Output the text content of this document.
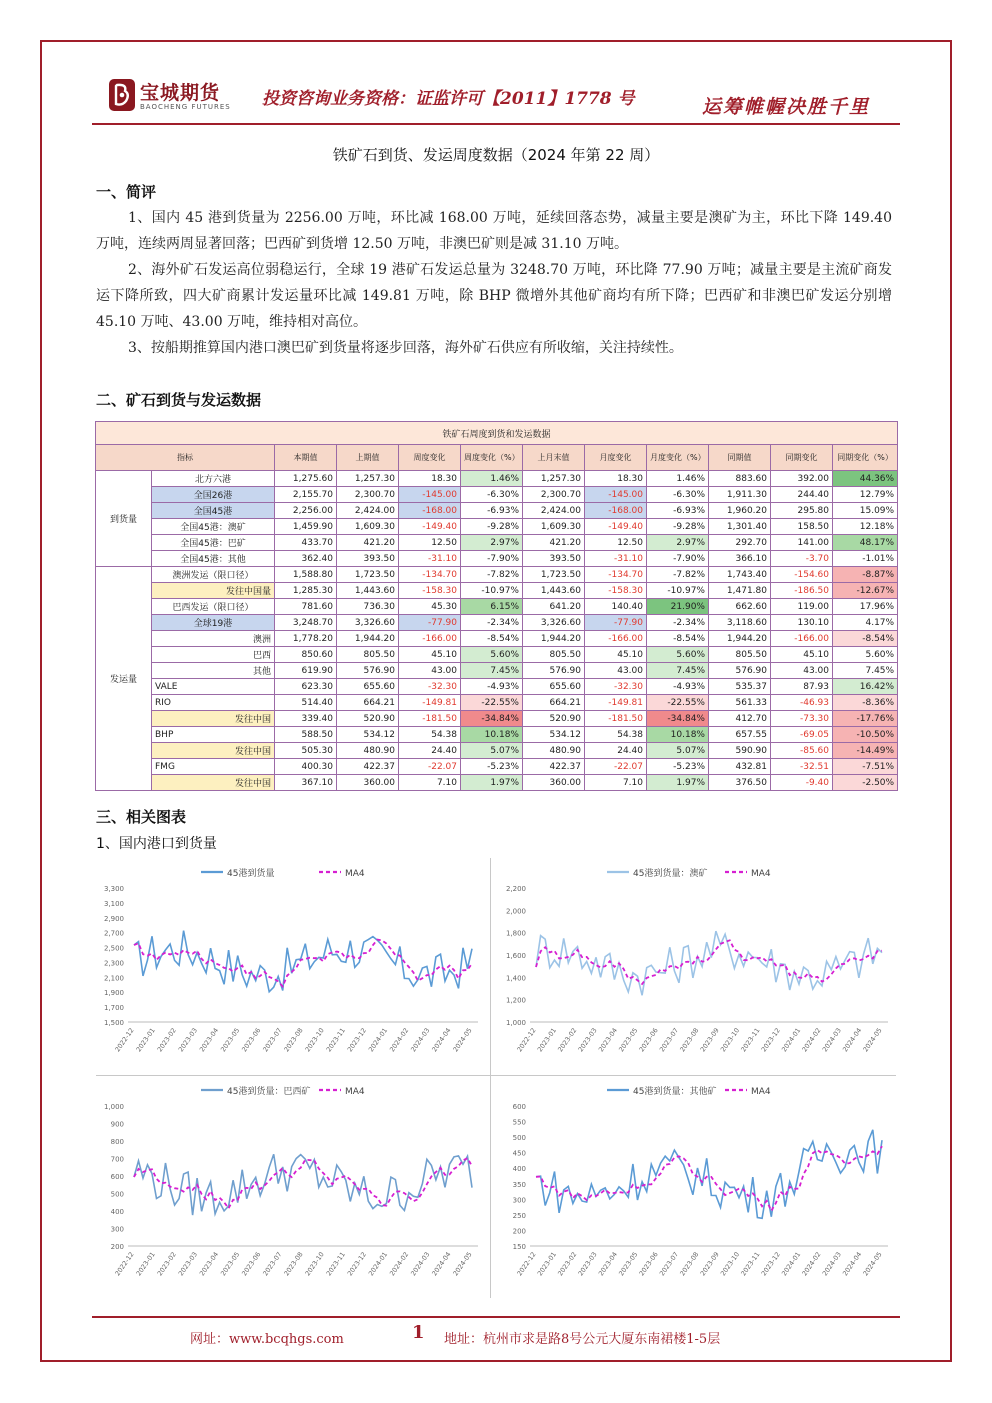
宝城期货
BAOCHENG FUTURES 投资咨询业务资格：证监许可【2011】1778 号	运筹帷幄决胜千里
铁矿石到货、发运周度数据（2024 年第 22 周）
一、简评
1、国内 45 港到货量为 2256.00 万吨，环比减 168.00 万吨，延续回落态势，减量主要是澳矿为主，环比下降 149.40 万吨，连续两周显著回落；巴西矿到货增 12.50 万吨，非澳巴矿则是减 31.10 万吨。
2、海外矿石发运高位弱稳运行，全球 19 港矿石发运总量为 3248.70 万吨，环比降 77.90 万吨；减量主要是主流矿商发运下降所致，四大矿商累计发运量环比减 149.81 万吨，除 BHP 微增外其他矿商均有所下降；巴西矿和非澳巴矿发运分别增 45.10 万吨、43.00 万吨，维持相对高位。
3、按船期推算国内港口澳巴矿到货量将逐步回落，海外矿石供应有所收缩，关注持续性。
二、矿石到货与发运数据
铁矿石周度到货和发运数据											
指标		本期值	上期值	周度变化	周度变化（%）	上月末值	月度变化	月度变化（%）	同期值	同期变化	同期变化（%）
到货量	北方六港	1,275.60	1,257.30	18.30	1.46%	1,257.30	18.30	1.46%	883.60	392.00	44.36%
	全国26港	2,155.70	2,300.70	-145.00	-6.30%	2,300.70	-145.00	-6.30%	1,911.30	244.40	12.79%
	全国45港	2,256.00	2,424.00	-168.00	-6.93%	2,424.00	-168.00	-6.93%	1,960.20	295.80	15.09%
	全国45港：澳矿	1,459.90	1,609.30	-149.40	-9.28%	1,609.30	-149.40	-9.28%	1,301.40	158.50	12.18%
	全国45港：巴矿	433.70	421.20	12.50	2.97%	421.20	12.50	2.97%	292.70	141.00	48.17%
	全国45港：其他	362.40	393.50	-31.10	-7.90%	393.50	-31.10	-7.90%	366.10	-3.70	-1.01%
发运量	澳洲发运（限口径）	1,588.80	1,723.50	-134.70	-7.82%	1,723.50	-134.70	-7.82%	1,743.40	-154.60	-8.87%
	发往中国量	1,285.30	1,443.60	-158.30	-10.97%	1,443.60	-158.30	-10.97%	1,471.80	-186.50	-12.67%
	巴西发运（限口径）	781.60	736.30	45.30	6.15%	641.20	140.40	21.90%	662.60	119.00	17.96%
	全球19港	3,248.70	3,326.60	-77.90	-2.34%	3,326.60	-77.90	-2.34%	3,118.60	130.10	4.17%
	澳洲	1,778.20	1,944.20	-166.00	-8.54%	1,944.20	-166.00	-8.54%	1,944.20	-166.00	-8.54%
	巴西	850.60	805.50	45.10	5.60%	805.50	45.10	5.60%	805.50	45.10	5.60%
	其他	619.90	576.90	43.00	7.45%	576.90	43.00	7.45%	576.90	43.00	7.45%
	VALE	623.30	655.60	-32.30	-4.93%	655.60	-32.30	-4.93%	535.37	87.93	16.42%
	RIO	514.40	664.21	-149.81	-22.55%	664.21	-149.81	-22.55%	561.33	-46.93	-8.36%
	发往中国	339.40	520.90	-181.50	-34.84%	520.90	-181.50	-34.84%	412.70	-73.30	-17.76%
	BHP	588.50	534.12	54.38	10.18%	534.12	54.38	10.18%	657.55	-69.05	-10.50%
	发往中国	505.30	480.90	24.40	5.07%	480.90	24.40	5.07%	590.90	-85.60	-14.49%
	FMG	400.30	422.37	-22.07	-5.23%	422.37	-22.07	-5.23%	432.81	-32.51	-7.51%
	发往中国	367.10	360.00	7.10	1.97%	360.00	7.10	1.97%	376.50	-9.40	-2.50%
三、相关图表
1、国内港口到货量
45港到货量	MA4
3,300
3,100
2,900
2,700
2,500
2,300
2,100
1,900
1,700
1,500
2022-12
2023-01
2023-02
2023-03
2023-04
2023-05
2023-06
2023-07
2023-08
2023-10
2023-11
2023-12
2024-01
2024-02
2024-03
2024-04
2024-05
45港到货量：澳矿	MA4
2,200
2,000
1,800
1,600
1,400
1,200
1,000
2022-12
2023-01
2023-02
2023-03
2023-04
2023-05
2023-06
2023-07
2023-08
2023-09
2023-10
2023-11
2023-12
2024-01
2024-02
2024-03
2024-04
2024-05
45港到货量：巴西矿	MA4
1,000
900
800
700
600
500
400
300
200
2022-12
2023-01
2023-02
2023-03
2023-04
2023-05
2023-06
2023-07
2023-08
2023-10
2023-11
2023-12
2024-01
2024-02
2024-03
2024-04
2024-05
45港到货量：其他矿	MA4
600
550
500
450
400
350
300
250
200
150
2022-12
2023-01
2023-02
2023-03
2023-04
2023-05
2023-06
2023-07
2023-08
2023-09
2023-10
2023-11
2023-12
2024-01
2024-02
2024-03
2024-04
2024-05
网址：www.bcqhgs.com	1 地址：杭州市求是路8号公元大厦东南裙楼1-5层
